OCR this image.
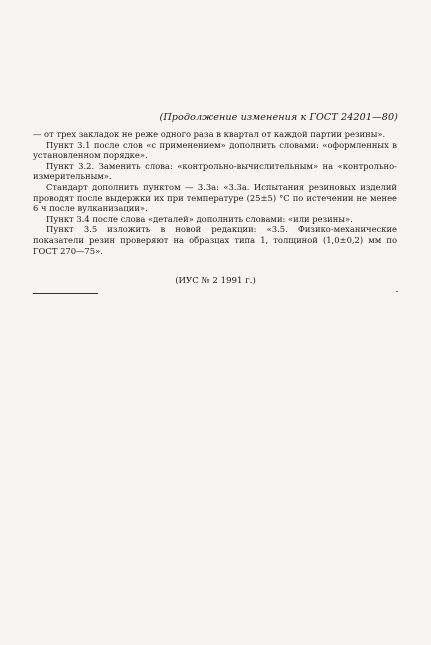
(Продолжение изменения к ГОСТ 24201—80)

— от трех закладок не реже одного раза в квартал от каждой партии резины».

Пункт 3.1 после слов «с применением» дополнить словами: «оформленных в установленном порядке».

Пункт 3.2. Заменить слова: «контрольно-вычислительным» на «контрольно-измерительным».

Стандарт дополнить пунктом — 3.3а: «3.3а. Испытания резиновых изделий проводят после выдержки их при температуре (25±5) °С по истечении не менее 6 ч после вулканизации».

Пункт 3.4 после слова «деталей» дополнить словами: «или резины».

Пункт 3.5 изложить в новой редакции: «3.5. Физико-механические показатели резин проверяют на образцах типа 1, толщиной (1,0±0,2) мм по ГОСТ 270—75».

(ИУС № 2 1991 г.)
